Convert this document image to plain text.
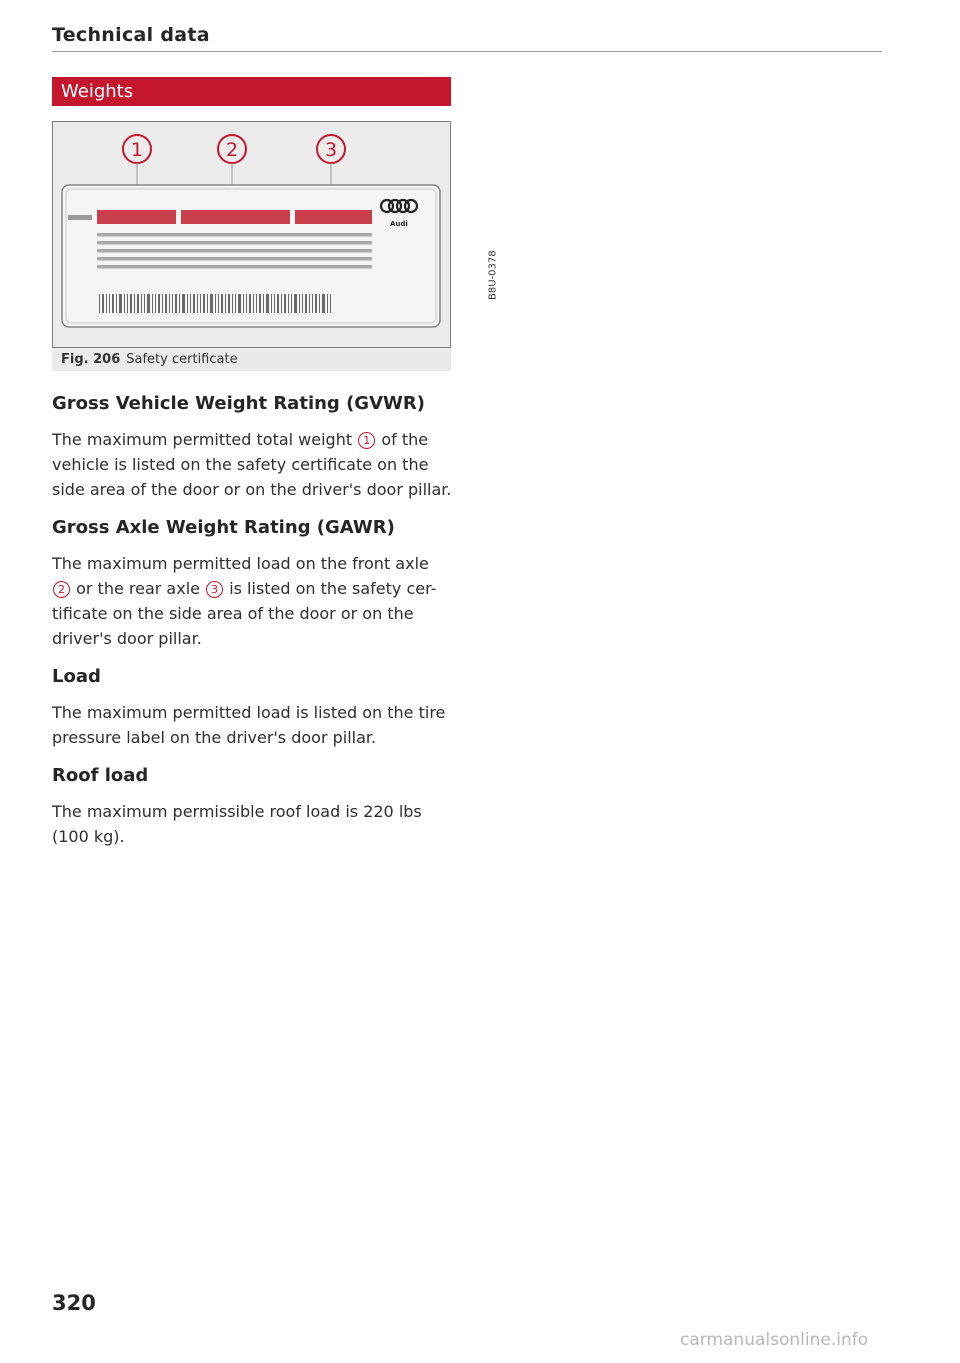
Technical data
Weights
1	2	3
Audi
B8U-0378
Fig. 206 Safety certificate
Gross Vehicle Weight Rating (GVWR)

The maximum permitted total weight 1 of the
vehicle is listed on the safety certificate on the
side area of the door or on the driver's door pillar.

Gross Axle Weight Rating (GAWR)

The maximum permitted load on the front axle
2 or the rear axle 3 is listed on the safety cer-
tificate on the side area of the door or on the
driver's door pillar.

Load

The maximum permitted load is listed on the tire
pressure label on the driver's door pillar.

Roof load

The maximum permissible roof load is 220 lbs
(100 kg).

320
carmanualsonline.info
